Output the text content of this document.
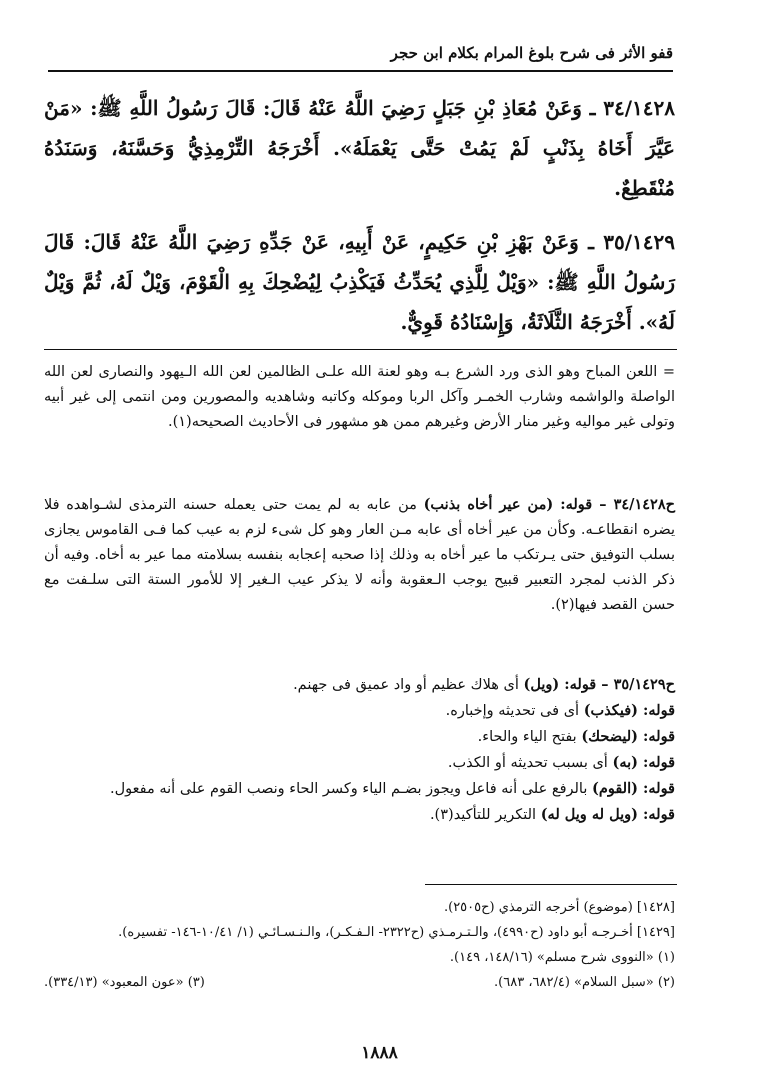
قفو الأثر فى شرح بلوغ المرام بكلام ابن حجر

٣٤/١٤٢٨ ـ وَعَنْ مُعَاذِ بْنِ جَبَلٍ رَضِيَ اللَّهُ عَنْهُ قَالَ: قَالَ رَسُولُ اللَّهِ ﷺ: «مَنْ عَيَّرَ أَخَاهُ بِذَنْبٍ لَمْ يَمُتْ حَتَّى يَعْمَلَهُ». أَخْرَجَهُ التِّرْمِذِيُّ وَحَسَّنَهُ، وَسَنَدُهُ مُنْقَطِعٌ.

٣٥/١٤٢٩ ـ وَعَنْ بَهْزِ بْنِ حَكِيمٍ، عَنْ أَبِيهِ، عَنْ جَدِّهِ رَضِيَ اللَّهُ عَنْهُ قَالَ: قَالَ رَسُولُ اللَّهِ ﷺ: «وَيْلٌ لِلَّذِي يُحَدِّثُ فَيَكْذِبُ لِيُضْحِكَ بِهِ الْقَوْمَ، وَيْلٌ لَهُ، ثُمَّ وَيْلٌ لَهُ». أَخْرَجَهُ الثَّلَاثَةُ، وَإِسْنَادُهُ قَوِيٌّ.

= اللعن المباح وهو الذى ورد الشرع بـه وهو لعنة الله علـى الظالمين لعن الله الـيهود والنصارى لعن الله الواصلة والواشمه وشارب الخمـر وآكل الربا وموكله وكاتبه وشاهديه والمصورين ومن انتمى إلى غير أبيه وتولى غير مواليه وغير منار الأرض وغيرهم ممن هو مشهور فى الأحاديث الصحيحه(١).

ح٣٤/١٤٢٨ – قوله: (من عير أخاه بذنب) من عابه به لم يمت حتى يعمله حسنه الترمذى لشـواهده فلا يضره انقطاعـه. وكأن من عير أخاه أى عابه مـن العار وهو كل شىء لزم به عيب كما فـى القاموس يجازى بسلب التوفيق حتى يـرتكب ما عير أخاه به وذلك إذا صحبه إعجابه بنفسه بسلامته مما عير به أخاه. وفيه أن ذكر الذنب لمجرد التعبير قبيح يوجب الـعقوبة وأنه لا يذكر عيب الـغير إلا للأمور الستة التى سلـفت مع حسن القصد فيها(٢).

ح٣٥/١٤٢٩ – قوله: (ويل) أى هلاك عظيم أو واد عميق فى جهنم.
قوله: (فيكذب) أى فى تحديثه وإخباره.
قوله: (ليضحك) بفتح الياء والحاء.
قوله: (به) أى بسبب تحديثه أو الكذب.
قوله: (القوم) بالرفع على أنه فاعل ويجوز بضـم الياء وكسر الحاء ونصب القوم على أنه مفعول.
قوله: (ويل له ويل له) التكرير للتأكيد(٣).

[١٤٢٨] (موضوع) أخرجه الترمذي (ح٢٥٠٥).
[١٤٢٩] أخـرجـه أبو داود (ح٤٩٩٠)، والـتـرمـذي (ح٢٣٢٢- الـفـكـر)، والـنـسـائـي (١/ ١٠/٤١-١٤٦- تفسيره).
(١) «النووى شرح مسلم» (١٤٨/١٦، ١٤٩).
(٢) «سبل السلام» (٦٨٢/٤، ٦٨٣).
(٣) «عون المعبود» (٣٣٤/١٣).
١٨٨٨
